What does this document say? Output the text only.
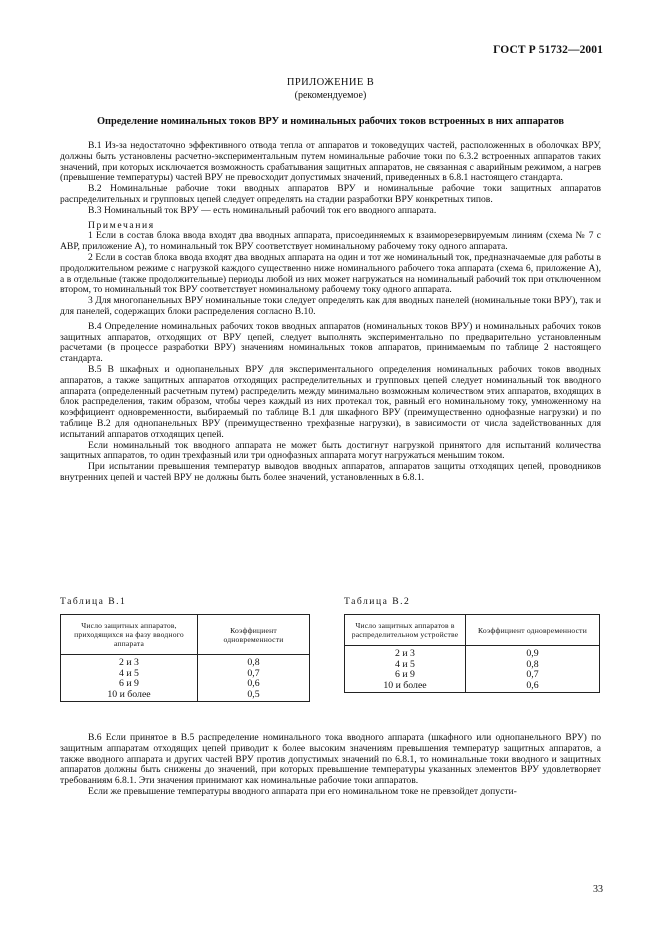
ГОСТ Р 51732—2001
ПРИЛОЖЕНИЕ В
(рекомендуемое)
Определение номинальных токов ВРУ и номинальных рабочих токов встроенных в них аппаратов

В.1 Из-за недостаточно эффективного отвода тепла от аппаратов и токоведущих частей, расположенных в оболочках ВРУ, должны быть установлены расчетно-экспериментальным путем номинальные рабочие токи по 6.3.2 встроенных аппаратов таких значений, при которых исключается возможность срабатывания защитных аппаратов, не связанная с аварийным режимом, а нагрев (превышение температуры) частей ВРУ не превосходит допустимых значений, приведенных в 6.8.1 настоящего стандарта.

В.2 Номинальные рабочие токи вводных аппаратов ВРУ и номинальные рабочие токи защитных аппаратов распределительных и групповых цепей следует определять на стадии разработки ВРУ конкретных типов.

В.3 Номинальный ток ВРУ — есть номинальный рабочий ток его вводного аппарата.

Примечания

1 Если в состав блока ввода входят два вводных аппарата, присоединяемых к взаиморезервируемым линиям (схема № 7 с АВР, приложение А), то номинальный ток ВРУ соответствует номинальному рабочему току одного аппарата.

2 Если в состав блока ввода входят два вводных аппарата на один и тот же номинальный ток, предназначаемые для работы в продолжительном режиме с нагрузкой каждого существенно ниже номинального рабочего тока аппарата (схема 6, приложение А), а в отдельные (также продолжительные) периоды любой из них может нагружаться на номинальный рабочий ток при отключенном втором, то номинальный ток ВРУ соответствует номинальному рабочему току одного аппарата.

3 Для многопанельных ВРУ номинальные токи следует определять как для вводных панелей (номинальные токи ВРУ), так и для панелей, содержащих блоки распределения согласно В.10.

В.4 Определение номинальных рабочих токов вводных аппаратов (номинальных токов ВРУ) и номинальных рабочих токов защитных аппаратов, отходящих от ВРУ цепей, следует выполнять экспериментально по предварительно установленным расчетами (в процессе разработки ВРУ) значениям номинальных токов аппаратов, принимаемым по таблице 2 настоящего стандарта.

В.5 В шкафных и однопанельных ВРУ для экспериментального определения номинальных рабочих токов вводных аппаратов, а также защитных аппаратов отходящих распределительных и групповых цепей следует номинальный ток вводного аппарата (определенный расчетным путем) распределить между минимально возможным количеством этих аппаратов, входящих в блок распределения, таким образом, чтобы через каждый из них протекал ток, равный его номинальному току, умноженному на коэффициент одновременности, выбираемый по таблице В.1 для шкафного ВРУ (преимущественно однофазные нагрузки) и по таблице В.2 для однопанельных ВРУ (преимущественно трехфазные нагрузки), в зависимости от числа задействованных для испытаний аппаратов отходящих цепей.

Если номинальный ток вводного аппарата не может быть достигнут нагрузкой принятого для испытаний количества защитных аппаратов, то один трехфазный или три однофазных аппарата могут нагружаться меньшим током.

При испытании превышения температур выводов вводных аппаратов, аппаратов защиты отходящих цепей, проводников внутренних цепей и частей ВРУ не должны быть более значений, установленных в 6.8.1.

Таблица В.1
Число защитных аппаратов, приходящихся на фазу вводного аппарата	Коэффициент одновременности
2 и 3	0,8
4 и 5	0,7
6 и 9	0,6
10 и более	0,5
Таблица В.2
Число защитных аппаратов в распределительном устройстве	Коэффициент одновременности
2 и 3	0,9
4 и 5	0,8
6 и 9	0,7
10 и более	0,6

В.6 Если принятое в В.5 распределение номинального тока вводного аппарата (шкафного или однопанельного ВРУ) по защитным аппаратам отходящих цепей приводит к более высоким значениям превышения температур защитных аппаратов, а также вводного аппарата и других частей ВРУ против допустимых значений по 6.8.1, то номинальные токи вводного и защитных аппаратов должны быть снижены до значений, при которых превышение температуры указанных элементов ВРУ удовлетворяет требованиям 6.8.1. Эти значения принимают как номинальные рабочие токи аппаратов.

Если же превышение температуры вводного аппарата при его номинальном токе не превзойдет допусти-

33
